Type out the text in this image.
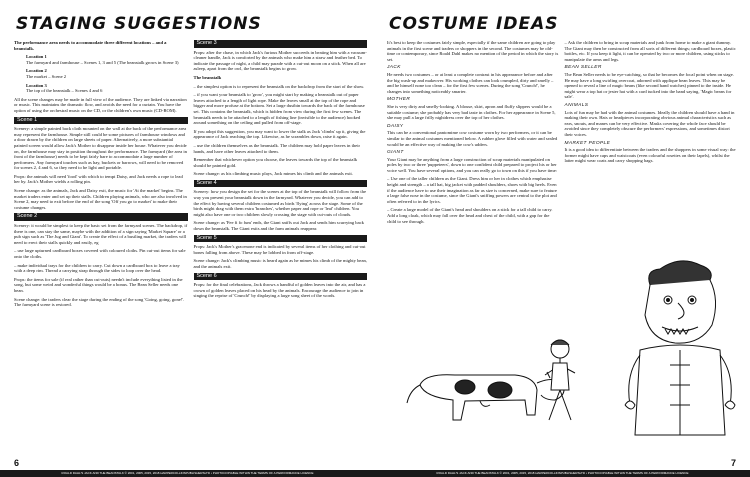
STAGING SUGGESTIONS

The performance area needs to accommodate three different locations – and a beanstalk.

Location 1
The farmyard and farmhouse – Scenes 1, 3 and 5 (The beanstalk grows in Scene 3)

Location 2
The market – Scene 2

Location 3
The top of the beanstalk – Scenes 4 and 6

All the scene changes may be made in full view of the audience. They are linked via narration or music. This maintains the dramatic flow, and avoids the need for a curtain. You have the option of using the orchestral music on the CD, or the children's own music (CD-ROM).

Scene 1

Scenery: a simple painted back cloth mounted on the wall at the back of the performance area may represent the farmhouse. Simple still could be some pictures of farmhouse windows and a door drawn by the children on large sheets of paper. Alternatively, a more substantial painted screen would allow Jack's Mother to disappear inside her house. Whatever you decide on, the farmhouse may stay in position throughout the performance. The farmyard (the area in front of the farmhouse) needs to be kept fairly bare to accommodate a large number of performers. Any farmyard touches such as hay, buckets or barrows, will need to be removed for scenes 2, 4 and 6, so they need to be light and portable.

Props: the animals will need 'food' with which to tempt Daisy, and Jack needs a rope to lead her by. Jack's Mother wields a rolling pin.

Scene change: as the animals, Jack and Daisy exit, the music for 'At the market' begins. The market traders enter and set up their stalls. Children playing animals, who are also involved in Scene 2, may need to exit before the end of the song 'Off you go to market' to make their costume changes.

Scene 2

Scenery: it would be simplest to keep the basic set from the farmyard scenes. The backdrop, if there is one, can stay the same, maybe with the addition of a sign saying 'Market Square' or a pub sign such as 'The Jug and Giant'. To create the effect of a bustling market, the traders will need to erect their stalls quickly and easily, eg

– use large upturned cardboard boxes covered with coloured cloths. Pin cut-out items for sale onto the cloths.

– make individual trays for the children to carry. Cut down a cardboard box to leave a tray with a deep rim. Thread a carrying strap through the sides to loop over the head.

Props: the items for sale (if real rather than cut-outs) needn't include everything listed in the song, but some weird and wonderful things would be a bonus. The Bean Seller needs one bean.

Scene change: the traders clear the stage during the ending of the song 'Going, going, gone!'. The farmyard scene is restored.

Scene 3

Props: after the chase, in which Jack's furious Mother succeeds in beating him with a vacuum-cleaner handle, Jack is comforted by the animals who make him a straw and feather bed. To indicate the passage of night, a child may parade with a cut-out moon on a stick. When all are asleep, apart from the owl, the beanstalk begins to grow.

The beanstalk

– the simplest option is to represent the beanstalk on the backdrop from the start of the show.

– if you want your beanstalk to 'grow', you might start by making a beanstalk out of paper leaves attached to a length of light rope. Make the leaves small at the top of the rope and bigger and more profuse at the bottom. Set a large dustbin towards the back of the farmhouse set. This contains the beanstalk, which is hidden from view during the first few scenes. The beanstalk needs to be attached to a length of fishing line (invisible to the audience) hooked around something on the ceiling and pulled from off-stage.

If you adopt this suggestion, you may want to lower the stalk as Jack 'climbs' up it, giving the appearance of Jack reaching the top. Likewise, as he scrambles down, raise it again.

– use the children themselves as the beanstalk. The children may hold paper leaves in their hands, and have other leaves attached to them.

Remember that whichever option you choose, the leaves towards the top of the beanstalk should be painted gold.

Scene change: as his climbing music plays, Jack mimes his climb and the animals exit.

Scene 4

Scenery: how you design the set for the scenes at the top of the beanstalk will follow from the way you present your beanstalk down in the farmyard. Whatever you decide, you can add to the effect by having several children costumed as birds 'flying' across the stage. Some of the birds might drag with them extra 'branches', whether paper and rope or 'leaf' children. You might also have one or two children slowly crossing the stage with cut-outs of clouds.

Scene change: as 'Fee fi fo fum' ends, the Giant sniffs out Jack and sends him scurrying back down the beanstalk. The Giant exits and the farm animals reappear.

Scene 5

Props: Jack's Mother's gracenone end is indicated by several items of her clothing and cut-out bones falling from above. These may be lobbed in from off-stage.

Scene change: Jack's climbing music is heard again as he mimes his climb of the mighty bean, and the animals exit.

Scene 6

Props: for the final celebrations, Jack throws a handful of golden leaves into the air, and has a crown of golden leaves placed on his head by the animals. Encourage the audience to join in singing the reprise of 'Crunch!' by displaying a large song sheet of the words.

6
ROALD DAHL'S JACK AND THE BEANSTALK © 2001, 2005, 2015, 2018 HARPERCOLLINSPUBLISHERSLTD • PHOTOCOPIABLE WITHIN THE TERMS OF A PERFORMANCE LICENCE
COSTUME IDEAS

It's best to keep the costumes fairly simple, especially if the same children are going to play animals in the first scene and traders or shoppers in the second. The costumes may be old-time or contemporary, since Roald Dahl makes no mention of the period in which the story is set.

JACK

He needs two costumes – or at least a complete contrast in his appearance before and after the big wash-up and makeover. His working clothes can look crumpled, dirty and smelly – and he himself none too clean – for the first few scenes. During the song 'Crunch!', he changes into something noticeably smarter.

MOTHER

She is very dirty and smelly-looking. A blouse, skirt, apron and fluffy slippers would be a suitable costume; she probably has very bad taste in clothes. For her appearance in Scene 5, she may pull a large frilly nightdress over the top of her clothes.

DAISY

This can be a conventional pantomime cow costume worn by two performers, or it can be similar to the animal costumes mentioned below. A rubber glove filled with water and sealed would be an effective way of making the cow's udders.

GIANT

Your Giant may be anything from a large construction of scrap materials manipulated on poles by two or three 'puppeteers', down to one confident child prepared to project his or her voice well. You have several options, and you can really go to town on this if you have time:

– Use one of the taller children as the Giant. Dress him or her in clothes which emphasise height and strength – a tall hat, big jacket with padded shoulders, shoes with big heels. Even if the audience have to use their imagination as far as size is concerned, make sure to feature a large false nose in the costume, since the Giant's sniffing powers are central to the plot and often referred to in the lyrics.

– Create a large model of the Giant's head and shoulders on a stick for a tall child to carry. Add a long cloak, which may fall over the head and chest of the child, with a gap for the child to see through.

– Ask the children to bring in scrap materials and junk from home to make a giant dummy. The Giant may then be constructed from all sorts of different things; cardboard boxes, plastic bottles, etc. If you keep it light, it can be operated by two or more children, using sticks to manipulate the arms and legs.

BEAN SELLER

The Bean Seller needs to be eye-catching, so that he becomes the focal point when on stage. He may have a long swirling overcoat, adorned with applique bean leaves. This may be opened to reveal a line of magic beans (like second hand watches) pinned to the inside. He might wear a top hat or jester hat with a card tucked into the band saying, 'Magic beans for sale'.

ANIMALS

Lots of fun may be had with the animal costumes. Ideally the children should have a hand in making their own. Hats or headpieces incorporating obvious animal characteristics such as ears, snouts, and manes can be very effective. Masks covering the whole face should be avoided since they completely obscure the performers' expressions, and sometimes distort their voices.

MARKET PEOPLE

It is a good idea to differentiate between the traders and the shoppers in some visual way: the former might have caps and waistcoats (even colourful rosettes on their lapels), whilst the latter might wear coats and carry shopping bags.

7
ROALD DAHL'S JACK AND THE BEANSTALK © 2001, 2005, 2015, 2018 HARPERCOLLINSPUBLISHERSLTD • PHOTOCOPIABLE WITHIN THE TERMS OF A PERFORMANCE LICENCE
